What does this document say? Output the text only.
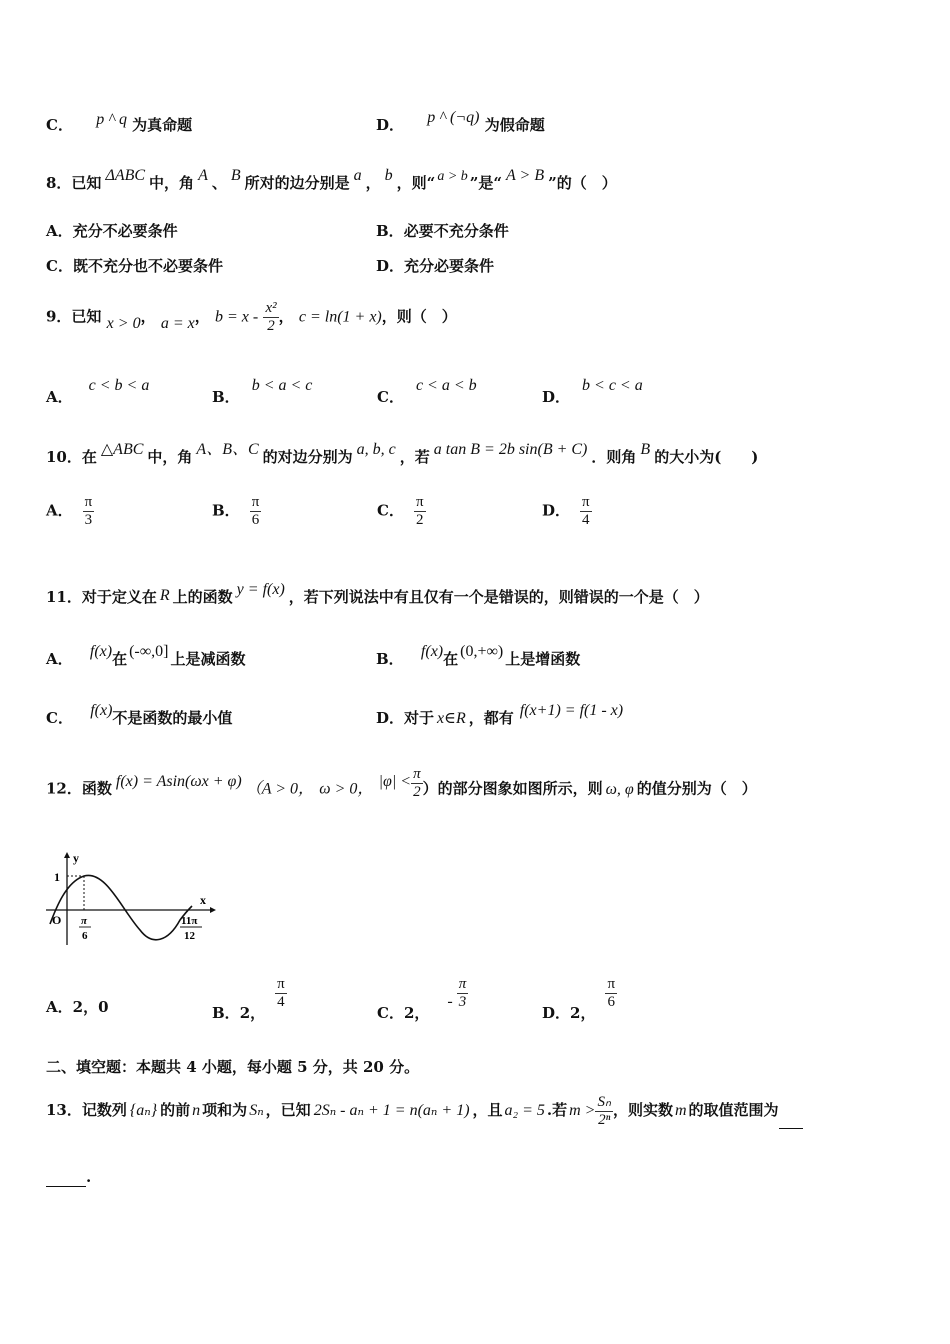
C． p ^ q 为真命题	D． p ^ (¬q) 为假命题
8．已知 ΔABC 中，角 A 、 B 所对的边分别是 a ， b ，则“ a > b ”是“ A > B ”的（　）
A．充分不必要条件	B．必要不充分条件
C．既不充分也不必要条件	D．充分必要条件
9．已知 x > 0， a = x， $b = x - \frac{\text{x²}}{2}$ ， c = ln(1 + x)，则（　）
A．c < b < a
B．b < a < c
C．c < a < b
D．b < c < a
10．在 △ABC 中，角 A、B、C 的对边分别为 a, b, c ，若 a tan B = 2b sin(B + C) ．则角 B 的大小为(　　)
A． $\frac{\pi}{3}$	B． $\frac{\pi}{6}$	C． $\frac{\pi}{2}$	D． $\frac{\pi}{4}$
11．对于定义在 R 上的函数 y = f(x) ，若下列说法中有且仅有一个是错误的，则错误的一个是（　）
A． f(x)在 (-∞,0] 上是减函数	B． f(x)在 (0,+∞) 上是增函数
C． f(x)不是函数的最小值	D．对于 x∈R ，都有 f(x+1) = f(1 - x)
12．函数 f(x) = Asin(ωx + φ) （A > 0， ω > 0， $|\varphi| < \frac{\pi}{2}$ ）的部分图象如图所示，则 ω, φ 的值分别为（　）
y
x
O
1
π
6
11π
12
A．2，0	B．2，
$\frac{\pi}{4}$
C．2，- $\frac{\pi}{3}$
D．2，
$\frac{\pi}{6}$
二、填空题：本题共 4 小题，每小题 5 分，共 20 分。
13．记数列 {aₙ} 的前 n 项和为 Sₙ ，已知 2Sₙ - aₙ + 1 = n(aₙ + 1) ，且 a₂ = 5 .若 $m > \frac{\text{Sₙ}}{\text{2ⁿ}}$ ，则实数 m 的取值范围为
.
